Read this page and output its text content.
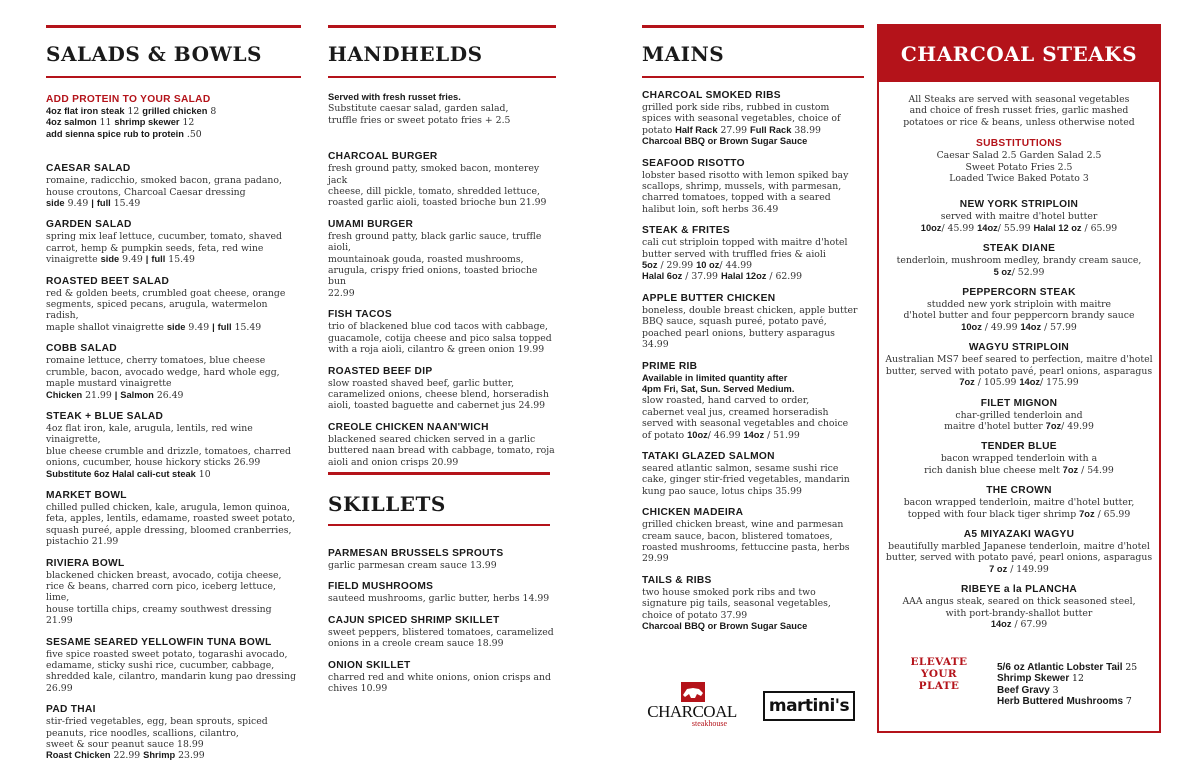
SALADS & BOWLS
ADD PROTEIN TO YOUR SALAD
4oz flat iron steak 12 grilled chicken 8
4oz salmon 11 shrimp skewer 12
add sienna spice rub to protein .50
CAESAR SALAD
romaine, radicchio, smoked bacon, grana padano,
house croutons, Charcoal Caesar dressing
side 9.49 | full 15.49
GARDEN SALAD
spring mix leaf lettuce, cucumber, tomato, shaved
carrot, hemp & pumpkin seeds, feta, red wine
vinaigrette side 9.49 | full 15.49
ROASTED BEET SALAD
red & golden beets, crumbled goat cheese, orange
segments, spiced pecans, arugula, watermelon radish,
maple shallot vinaigrette side 9.49 | full 15.49
COBB SALAD
romaine lettuce, cherry tomatoes, blue cheese
crumble, bacon, avocado wedge, hard whole egg,
maple mustard vinaigrette
Chicken 21.99 | Salmon 26.49
STEAK + BLUE SALAD
4oz flat iron, kale, arugula, lentils, red wine vinaigrette,
blue cheese crumble and drizzle, tomatoes, charred
onions, cucumber, house hickory sticks 26.99
Substitute 6oz Halal cali-cut steak 10
MARKET BOWL
chilled pulled chicken, kale, arugula, lemon quinoa,
feta, apples, lentils, edamame, roasted sweet potato,
squash pureé, apple dressing, bloomed cranberries,
pistachio 21.99
RIVIERA BOWL
blackened chicken breast, avocado, cotija cheese,
rice & beans, charred corn pico, iceberg lettuce, lime,
house tortilla chips, creamy southwest dressing 21.99
SESAME SEARED YELLOWFIN TUNA BOWL
five spice roasted sweet potato, togarashi avocado,
edamame, sticky sushi rice, cucumber, cabbage,
shredded kale, cilantro, mandarin kung pao dressing
26.99
PAD THAI
stir-fried vegetables, egg, bean sprouts, spiced
peanuts, rice noodles, scallions, cilantro,
sweet & sour peanut sauce 18.99
Roast Chicken 22.99 Shrimp 23.99
HANDHELDS
Served with fresh russet fries.
Substitute caesar salad, garden salad,
truffle fries or sweet potato fries + 2.5
CHARCOAL BURGER
fresh ground patty, smoked bacon, monterey jack
cheese, dill pickle, tomato, shredded lettuce,
roasted garlic aioli, toasted brioche bun 21.99
UMAMI BURGER
fresh ground patty, black garlic sauce, truffle aioli,
mountainoak gouda, roasted mushrooms,
arugula, crispy fried onions, toasted brioche bun
22.99
FISH TACOS
trio of blackened blue cod tacos with cabbage,
guacamole, cotija cheese and pico salsa topped
with a roja aioli, cilantro & green onion 19.99
ROASTED BEEF DIP
slow roasted shaved beef, garlic butter,
caramelized onions, cheese blend, horseradish
aioli, toasted baguette and cabernet jus 24.99
CREOLE CHICKEN NAAN'WICH
blackened seared chicken served in a garlic
buttered naan bread with cabbage, tomato, roja
aioli and onion crisps 20.99
SKILLETS
PARMESAN BRUSSELS SPROUTS
garlic parmesan cream sauce 13.99
FIELD MUSHROOMS
sauteed mushrooms, garlic butter, herbs 14.99
CAJUN SPICED SHRIMP SKILLET
sweet peppers, blistered tomatoes, caramelized
onions in a creole cream sauce 18.99
ONION SKILLET
charred red and white onions, onion crisps and
chives 10.99
MAINS
CHARCOAL SMOKED RIBS
grilled pork side ribs, rubbed in custom
spices with seasonal vegetables, choice of
potato Half Rack 27.99 Full Rack 38.99
Charcoal BBQ or Brown Sugar Sauce
SEAFOOD RISOTTO
lobster based risotto with lemon spiked bay
scallops, shrimp, mussels, with parmesan,
charred tomatoes, topped with a seared
halibut loin, soft herbs 36.49
STEAK & FRITES
cali cut striploin topped with maitre d'hotel
butter served with truffled fries & aioli
5oz / 29.99 10 oz/ 44.99
Halal 6oz / 37.99 Halal 12oz / 62.99
APPLE BUTTER CHICKEN
boneless, double breast chicken, apple butter
BBQ sauce, squash pureé, potato pavé,
poached pearl onions, buttery asparagus
34.99
PRIME RIB
Available in limited quantity after
4pm Fri, Sat, Sun. Served Medium.
slow roasted, hand carved to order,
cabernet veal jus, creamed horseradish
served with seasonal vegetables and choice
of potato 10oz/ 46.99 14oz / 51.99
TATAKI GLAZED SALMON
seared atlantic salmon, sesame sushi rice
cake, ginger stir-fried vegetables, mandarin
kung pao sauce, lotus chips 35.99
CHICKEN MADEIRA
grilled chicken breast, wine and parmesan
cream sauce, bacon, blistered tomatoes,
roasted mushrooms, fettuccine pasta, herbs
29.99
TAILS & RIBS
two house smoked pork ribs and two
signature pig tails, seasonal vegetables,
choice of potato 37.99
Charcoal BBQ or Brown Sugar Sauce
CHARCOAL
steakhouse
martini's
CHARCOAL STEAKS
All Steaks are served with seasonal vegetables
and choice of fresh russet fries, garlic mashed
potatoes or rice & beans, unless otherwise noted
SUBSTITUTIONS
Caesar Salad 2.5 Garden Salad 2.5
Sweet Potato Fries 2.5
Loaded Twice Baked Potato 3
NEW YORK STRIPLOIN
served with maitre d'hotel butter
10oz/ 45.99 14oz/ 55.99 Halal 12 oz / 65.99
STEAK DIANE
tenderloin, mushroom medley, brandy cream sauce,
5 oz/ 52.99
PEPPERCORN STEAK
studded new york striploin with maitre
d'hotel butter and four peppercorn brandy sauce
10oz / 49.99 14oz / 57.99
WAGYU STRIPLOIN
Australian MS7 beef seared to perfection, maitre d'hotel
butter, served with potato pavé, pearl onions, asparagus
7oz / 105.99 14oz/ 175.99
FILET MIGNON
char-grilled tenderloin and
maitre d'hotel butter 7oz/ 49.99
TENDER BLUE
bacon wrapped tenderloin with a
rich danish blue cheese melt 7oz / 54.99
THE CROWN
bacon wrapped tenderloin, maitre d'hotel butter,
topped with four black tiger shrimp 7oz / 65.99
A5 MIYAZAKI WAGYU
beautifully marbled Japanese tenderloin, maitre d'hotel
butter, served with potato pavé, pearl onions, asparagus
7 oz / 149.99
RIBEYE a la PLANCHA
AAA angus steak, seared on thick seasoned steel,
with port-brandy-shallot butter
14oz / 67.99
ELEVATE
YOUR
PLATE
5/6 oz Atlantic Lobster Tail 25
Shrimp Skewer 12
Beef Gravy 3
Herb Buttered Mushrooms 7
